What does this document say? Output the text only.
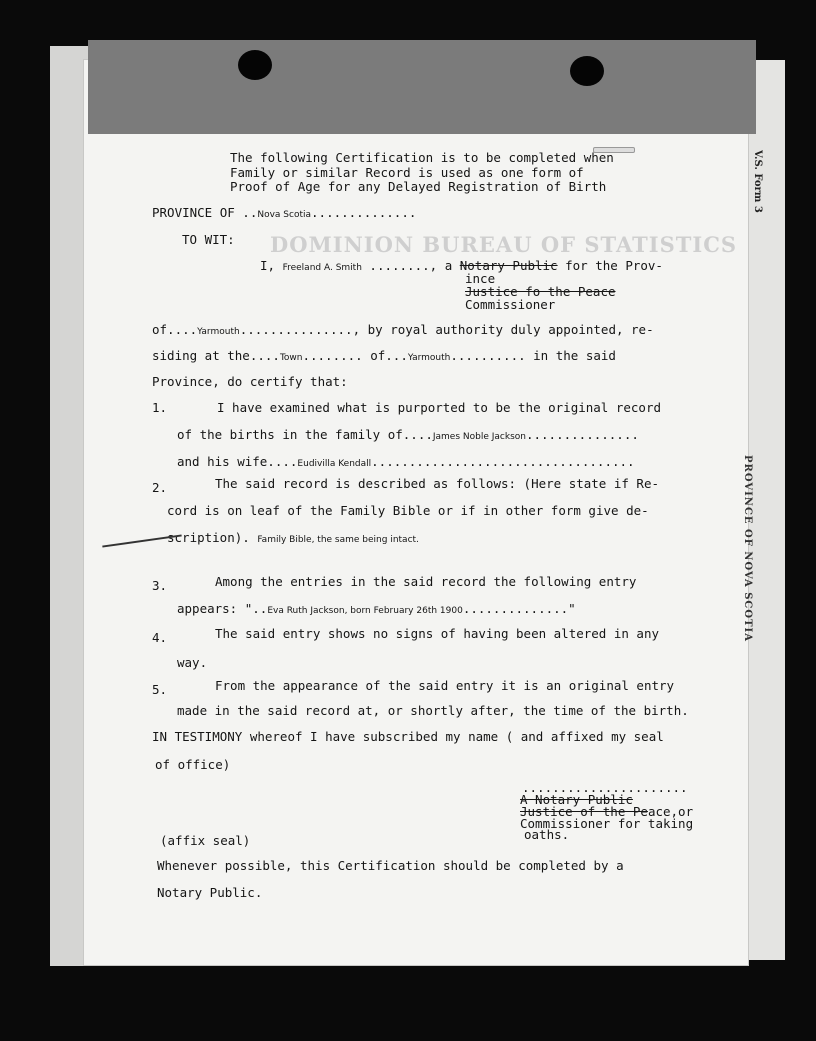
V.S. Form 3
PROVINCE OF NOVA SCOTIA
DOMINION BUREAU OF STATISTICS
The following Certification is to be completed when
Family or similar Record is used as one form of
Proof of Age for any Delayed Registration of Birth
PROVINCE OF ..Nova Scotia..............
TO WIT:
I, Freeland A. Smith ........, a Notary Public for the Prov-
ince
Justice fo the Peace
Commissioner
of....Yarmouth..............., by royal authority duly appointed, re-
siding at the....Town........ of...Yarmouth.......... in the said
Province, do certify that:
1.	I have examined what is purported to be the original record
of the births in the family of....James Noble Jackson...............
and his wife....Eudivilla Kendall...................................
2.	The said record is described as follows: (Here state if Re-
cord is on leaf of the Family Bible or if in other form give de-
scription). Family Bible, the same being intact.
3.	Among the entries in the said record the following entry
appears: "..Eva Ruth Jackson, born February 26th 1900.............."
4.	The said entry shows no signs of having been altered in any
way.
5.	From the appearance of the said entry it is an original entry
made in the said record at, or shortly after, the time of the birth.
IN TESTIMONY whereof I have subscribed my name ( and affixed my seal
of office)
......................
A Notary Public
Justice of the Peace,or
Commissioner for taking
oaths.
(affix seal)
Whenever possible, this Certification should be completed by a
Notary Public.
